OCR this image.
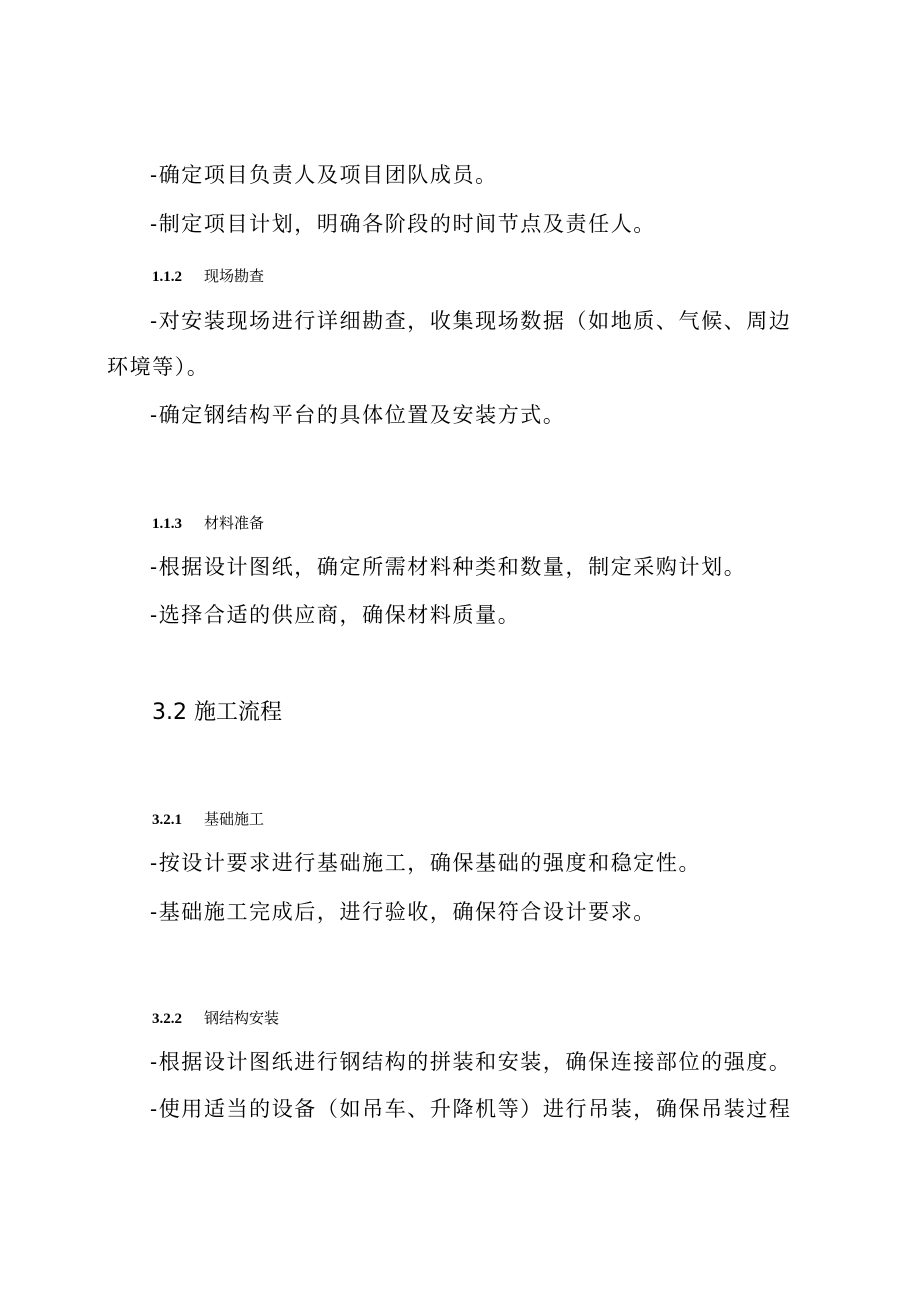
-确定项目负责人及项目团队成员。
-制定项目计划，明确各阶段的时间节点及责任人。
1.1.2 现场勘查
-对安装现场进行详细勘查，收集现场数据（如地质、气候、周边
环境等）。
-确定钢结构平台的具体位置及安装方式。
1.1.3 材料准备
-根据设计图纸，确定所需材料种类和数量，制定采购计划。
-选择合适的供应商，确保材料质量。
3.2 施工流程
3.2.1 基础施工
-按设计要求进行基础施工，确保基础的强度和稳定性。
-基础施工完成后，进行验收，确保符合设计要求。
3.2.2 钢结构安装
-根据设计图纸进行钢结构的拼装和安装，确保连接部位的强度。
-使用适当的设备（如吊车、升降机等）进行吊装，确保吊装过程
